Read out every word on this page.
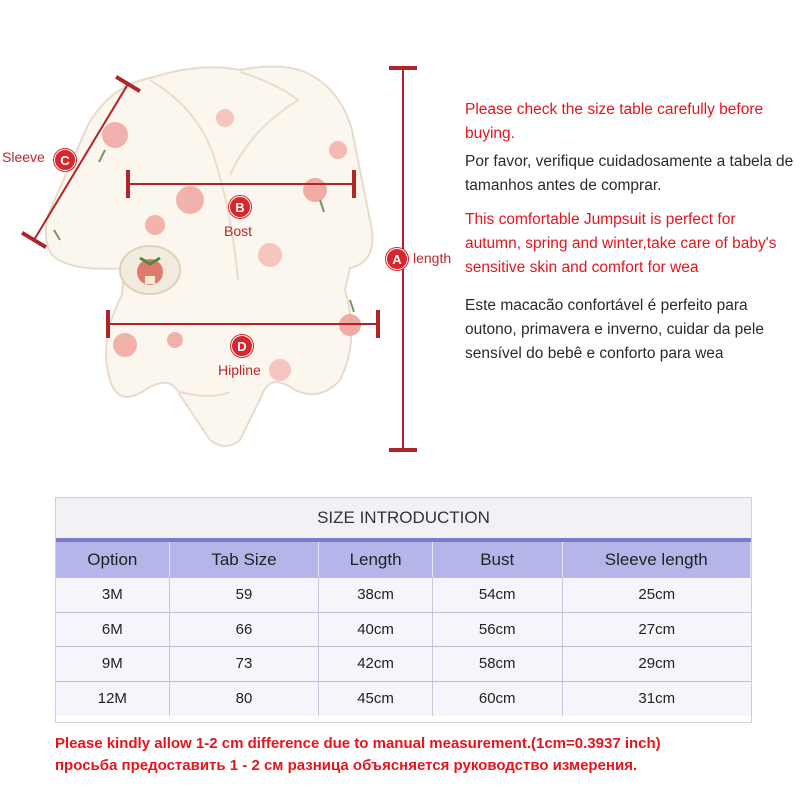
Sleeve	C
B
Bost
A length
D
Hipline

Please check the size table carefully before buying.

Por favor, verifique cuidadosamente a tabela de tamanhos antes de comprar.

This comfortable Jumpsuit is perfect for autumn, spring and winter,take care of baby's sensitive skin and comfort for wea

Este macacão confortável é perfeito para outono, primavera e inverno, cuidar da pele sensível do bebê e conforto para wea

SIZE INTRODUCTION
Option	Tab Size	Length	Bust	Sleeve length
3M	59	38cm	54cm	25cm
6M	66	40cm	56cm	27cm
9M	73	42cm	58cm	29cm
12M	80	45cm	60cm	31cm

Please kindly allow 1-2 cm difference due to manual measurement.(1cm=0.3937 inch)

просьба предоставить 1 - 2 см разница объясняется руководство измерения.
